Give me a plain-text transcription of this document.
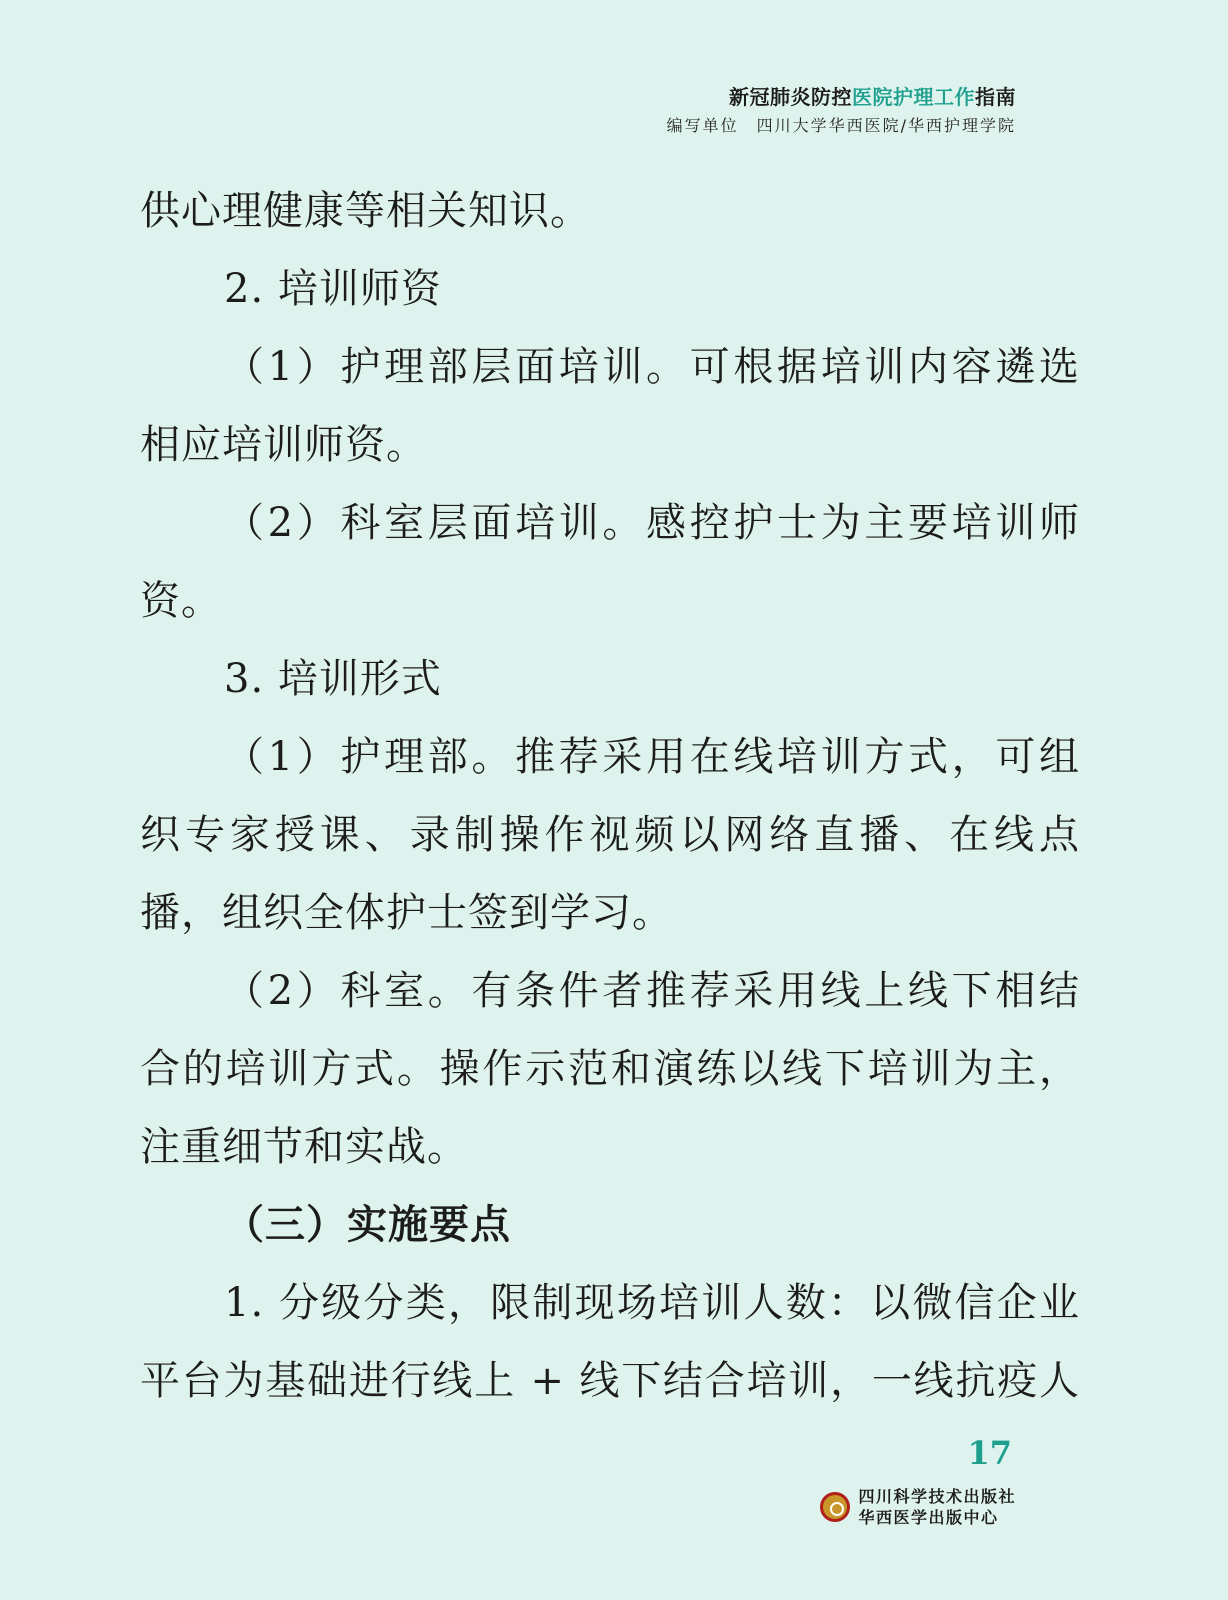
新冠肺炎防控医院护理工作指南
编写单位　四川大学华西医院/华西护理学院
供心理健康等相关知识。
2. 培训师资
（1）护理部层面培训。可根据培训内容遴选
相应培训师资。
（2）科室层面培训。感控护士为主要培训师
资。
3. 培训形式
（1）护理部。推荐采用在线培训方式，可组
织专家授课、录制操作视频以网络直播、在线点
播，组织全体护士签到学习。
（2）科室。有条件者推荐采用线上线下相结
合的培训方式。操作示范和演练以线下培训为主，
注重细节和实战。
（三）实施要点
1. 分级分类，限制现场培训人数：以微信企业
平台为基础进行线上 + 线下结合培训，一线抗疫人
17
四川科学技术出版社
华西医学出版中心
